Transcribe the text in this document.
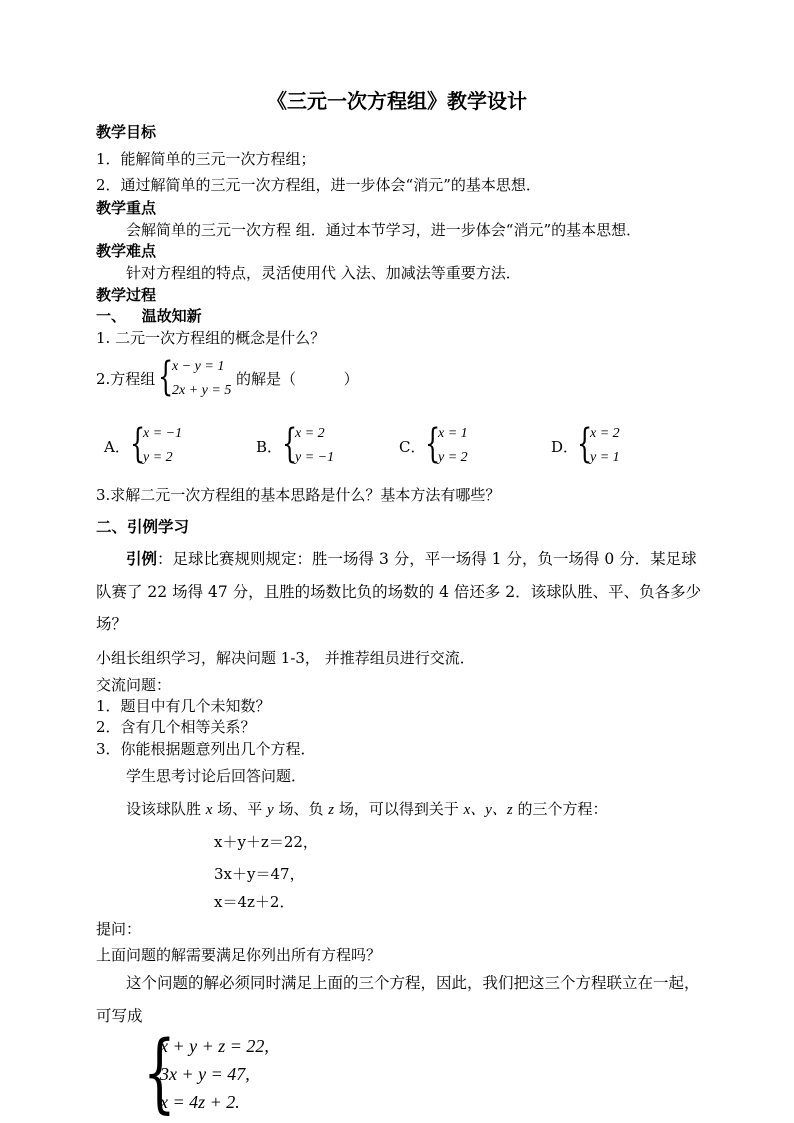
《三元一次方程组》教学设计
教学目标
1．能解简单的三元一次方程组；
2．通过解简单的三元一次方程组，进一步体会“消元”的基本思想．
教学重点
会解简单的三元一次方程 组．通过本节学习，进一步体会“消元”的基本思想．
教学难点
针对方程组的特点，灵活使用代 入法、加减法等重要方法．
教学过程
一、   温故知新
1. 二元一次方程组的概念是什么？
2.方程组 {
x − y = 1
2x + y = 5
的解是（          ）
A． {
x = −1
y = 2
B． {
x = 2
y = −1
C． {
x = 1
y = 2
D．
{
x = 2
y = 1
3.求解二元一次方程组的基本思路是什么？基本方法有哪些？
二、引例学习
引例：足球比赛规则规定：胜一场得 3 分，平一场得 1 分，负一场得 0 分．某足球
队赛了 22 场得 47 分，且胜的场数比负的场数的 4 倍还多 2．该球队胜、平、负各多少
场？
小组长组织学习，解决问题 1-3， 并推荐组员进行交流．
交流问题：
1．题目中有几个未知数？
2．含有几个相等关系？
3．你能根据题意列出几个方程．
学生思考讨论后回答问题．
设该球队胜 x 场、平 y 场、负 z 场，可以得到关于 x、y、z 的三个方程：
x＋y＋z＝22，
3x＋y＝47，
x＝4z＋2．
提问：
上面问题的解需要满足你列出所有方程吗？
这个问题的解必须同时满足上面的三个方程，因此，我们把这三个方程联立在一起，
可写成
{
x + y + z = 22,
3x + y = 47,
x = 4z + 2.
